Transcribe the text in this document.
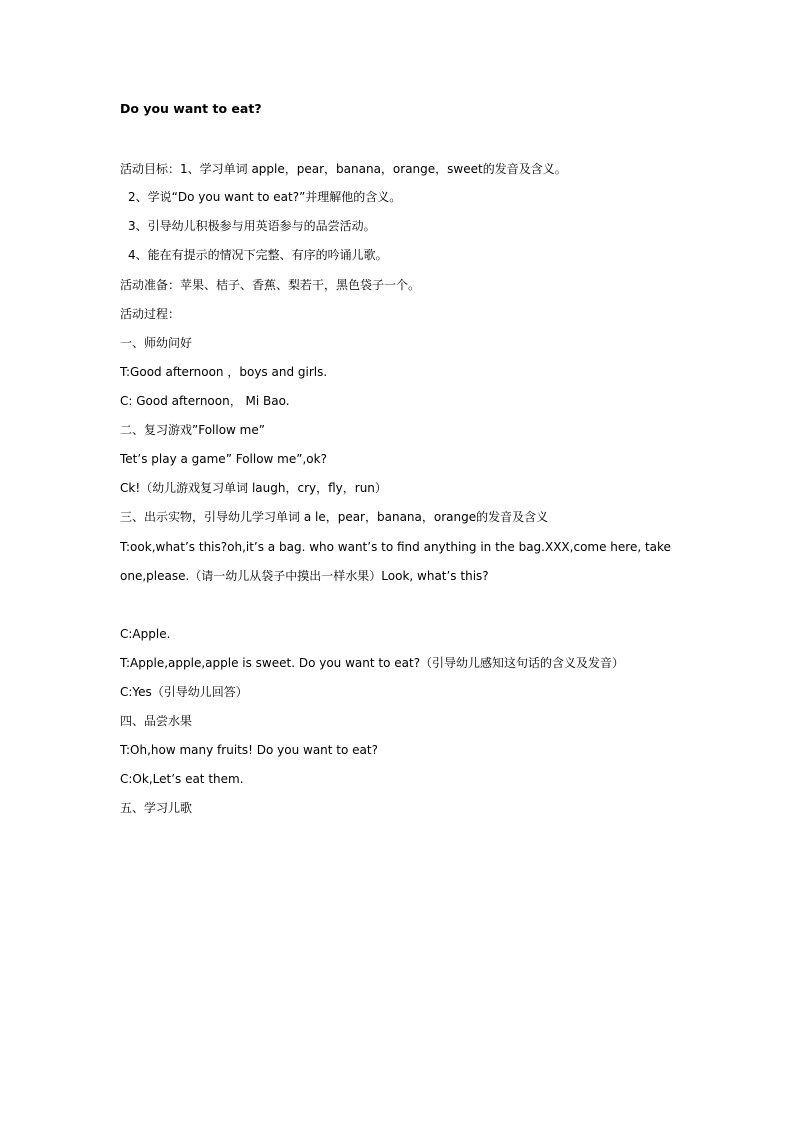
Do you want to eat?
活动目标：1、学习单词 apple，pear，banana，orange，sweet的发音及含义。
2、学说“Do you want to eat?”并理解他的含义。
3、引导幼儿积极参与用英语参与的品尝活动。
4、能在有提示的情况下完整、有序的吟诵儿歌。
活动准备：苹果、桔子、香蕉、梨若干，黑色袋子一个。
活动过程：
一、师幼问好
T:Good afternoon ，boys and girls.
C: Good afternoon， Mi Bao.
二、复习游戏”Follow me”
Tet’s play a game” Follow me”,ok?
Ck!（幼儿游戏复习单词 laugh，cry，fly，run）
三、出示实物，引导幼儿学习单词 a le，pear，banana，orange的发音及含义
T:ook,what’s this?oh,it’s a bag. who want’s to find anything in the bag.XXX,come here, take
one,please.（请一幼儿从袋子中摸出一样水果）Look, what’s this?
C:Apple.
T:Apple,apple,apple is sweet. Do you want to eat?（引导幼儿感知这句话的含义及发音）
C:Yes（引导幼儿回答）
四、品尝水果
T:Oh,how many fruits! Do you want to eat?
C:Ok,Let’s eat them.
五、学习儿歌
